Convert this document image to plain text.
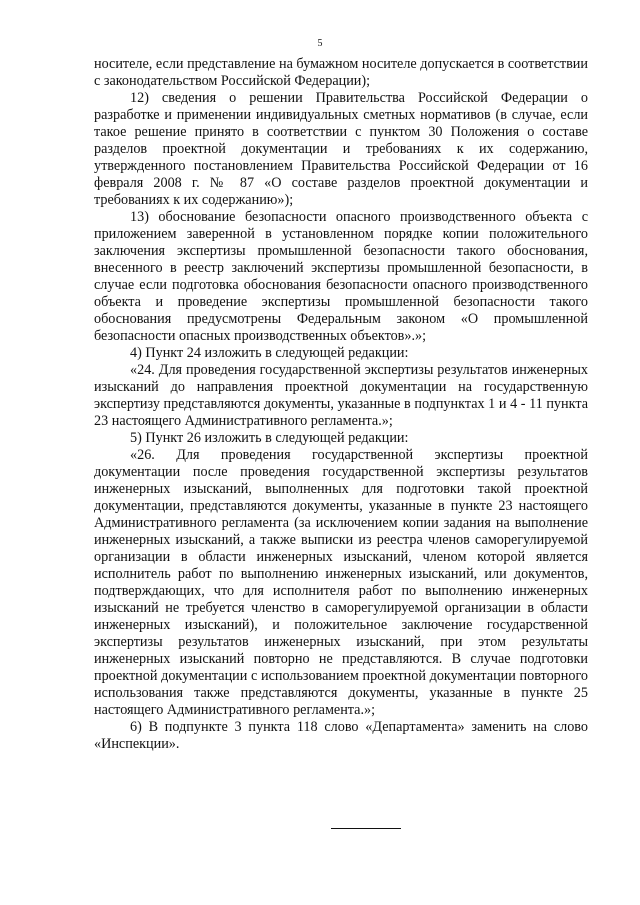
5

носителе, если представление на бумажном носителе допускается в соответствии с законодательством Российской Федерации);

12) сведения о решении Правительства Российской Федерации о разработке и применении индивидуальных сметных нормативов (в случае, если такое решение принято в соответствии с пунктом 30 Положения о составе разделов проектной документации и требованиях к их содержанию, утвержденного постановлением Правительства Российской Федерации от 16 февраля 2008 г. № 87 «О составе разделов проектной документации и требованиях к их содержанию»);

13) обоснование безопасности опасного производственного объекта с приложением заверенной в установленном порядке копии положительного заключения экспертизы промышленной безопасности такого обоснования, внесенного в реестр заключений экспертизы промышленной безопасности, в случае если подготовка обоснования безопасности опасного производственного объекта и проведение экспертизы промышленной безопасности такого обоснования предусмотрены Федеральным законом «О промышленной безопасности опасных производственных объектов».»;

4) Пункт 24 изложить в следующей редакции:

«24. Для проведения государственной экспертизы результатов инженерных изысканий до направления проектной документации на государственную экспертизу представляются документы, указанные в подпунктах 1 и 4 - 11 пункта 23 настоящего Административного регламента.»;

5) Пункт 26 изложить в следующей редакции:

«26. Для проведения государственной экспертизы проектной документации после проведения государственной экспертизы результатов инженерных изысканий, выполненных для подготовки такой проектной документации, представляются документы, указанные в пункте 23 настоящего Административного регламента (за исключением копии задания на выполнение инженерных изысканий, а также выписки из реестра членов саморегулируемой организации в области инженерных изысканий, членом которой является исполнитель работ по выполнению инженерных изысканий, или документов, подтверждающих, что для исполнителя работ по выполнению инженерных изысканий не требуется членство в саморегулируемой организации в области инженерных изысканий), и положительное заключение государственной экспертизы результатов инженерных изысканий, при этом результаты инженерных изысканий повторно не представляются. В случае подготовки проектной документации с использованием проектной документации повторного использования также представляются документы, указанные в пункте 25 настоящего Административного регламента.»;

6) В подпункте 3 пункта 118 слово «Департамента» заменить на слово «Инспекции».
